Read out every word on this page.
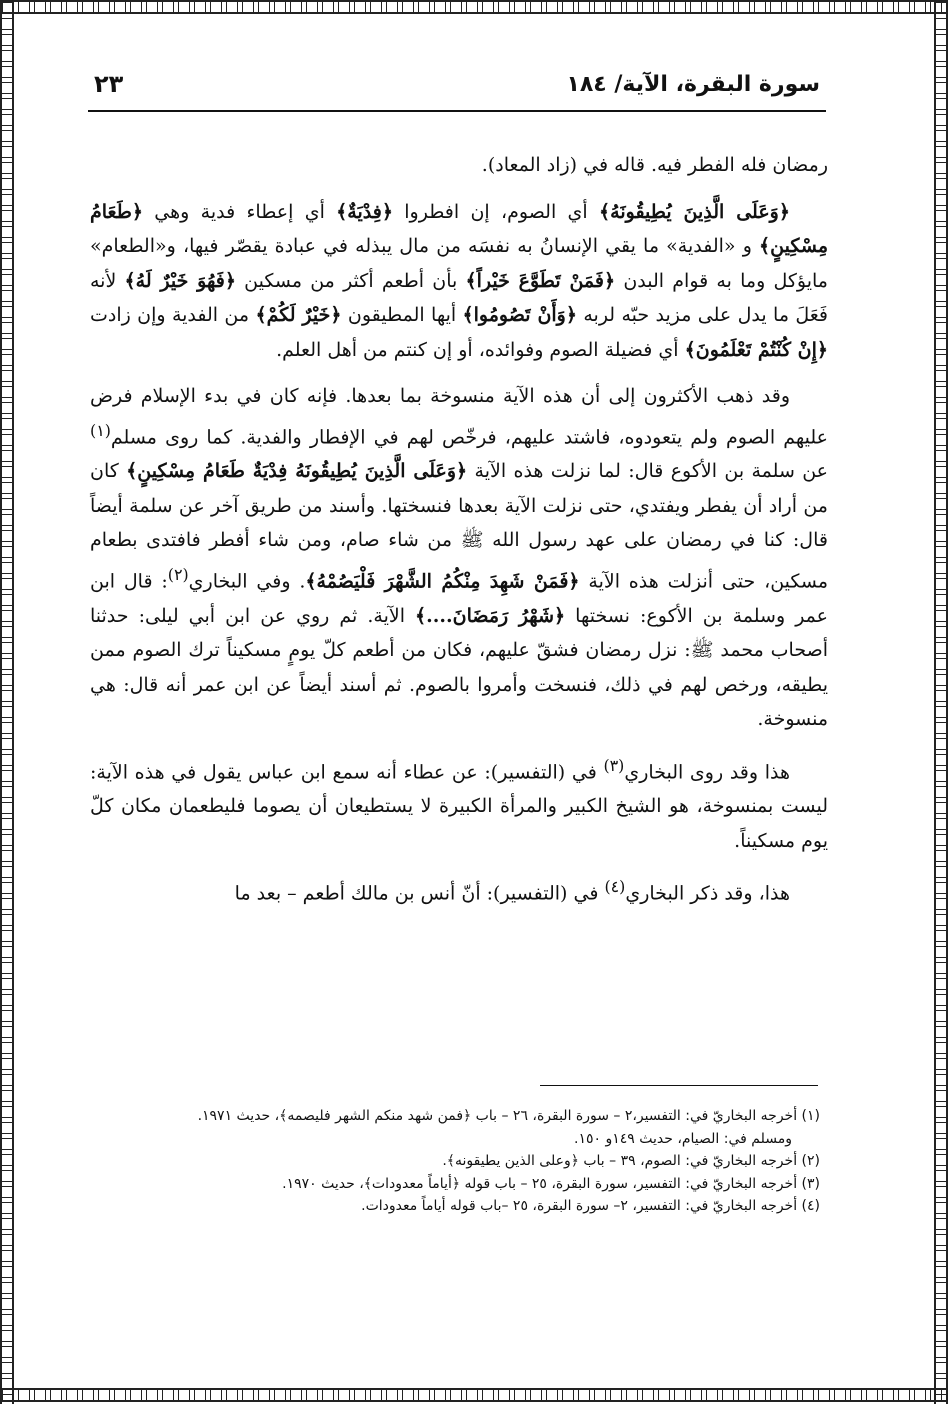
سورة البقرة، الآية/ ١٨٤
٢٣

رمضان فله الفطر فيه. قاله في (زاد المعاد).

﴿وَعَلَى الَّذِينَ يُطِيقُونَهُ﴾ أي الصوم، إن افطروا ﴿فِدْيَةٌ﴾ أي إعطاء فدية وهي ﴿طَعَامُ مِسْكِينٍ﴾ و «الفدية» ما يقي الإنسانُ به نفسَه من مال يبذله في عبادة يقصّر فيها، و«الطعام» مايؤكل وما به قوام البدن ﴿فَمَنْ تَطَوَّعَ خَيْراً﴾ بأن أطعم أكثر من مسكين ﴿فَهُوَ خَيْرٌ لَهُ﴾ لأنه فَعَلَ ما يدل على مزيد حبّه لربه ﴿وَأَنْ تَصُومُوا﴾ أيها المطيقون ﴿خَيْرٌ لَكُمْ﴾ من الفدية وإن زادت ﴿إِنْ كُنْتُمْ تَعْلَمُونَ﴾ أي فضيلة الصوم وفوائده، أو إن كنتم من أهل العلم.

وقد ذهب الأكثرون إلى أن هذه الآية منسوخة بما بعدها. فإنه كان في بدء الإسلام فرض عليهم الصوم ولم يتعودوه، فاشتد عليهم، فرخّص لهم في الإفطار والفدية. كما روى مسلم$^{(١)}$ عن سلمة بن الأكوع قال: لما نزلت هذه الآية ﴿وَعَلَى الَّذِينَ يُطِيقُونَهُ فِدْيَةٌ طَعَامُ مِسْكِينٍ﴾ كان من أراد أن يفطر ويفتدي، حتى نزلت الآية بعدها فنسختها. وأسند من طريق آخر عن سلمة أيضاً قال: كنا في رمضان على عهد رسول الله ﷺ من شاء صام، ومن شاء أفطر فافتدى بطعام مسكين، حتى أنزلت هذه الآية ﴿فَمَنْ شَهِدَ مِنْكُمُ الشَّهْرَ فَلْيَصُمْهُ﴾. وفي البخاري$^{(٢)}$: قال ابن عمر وسلمة بن الأكوع: نسختها ﴿شَهْرُ رَمَضَانَ....﴾ الآية. ثم روي عن ابن أبي ليلى: حدثنا أصحاب محمد ﷺ: نزل رمضان فشقّ عليهم، فكان من أطعم كلّ يومٍ مسكيناً ترك الصوم ممن يطيقه، ورخص لهم في ذلك، فنسخت وأمروا بالصوم. ثم أسند أيضاً عن ابن عمر أنه قال: هي منسوخة.

هذا وقد روى البخاري$^{(٣)}$ في (التفسير): عن عطاء أنه سمع ابن عباس يقول في هذه الآية: ليست بمنسوخة، هو الشيخ الكبير والمرأة الكبيرة لا يستطيعان أن يصوما فليطعمان مكان كلّ يوم مسكيناً.

هذا، وقد ذكر البخاري$^{(٤)}$ في (التفسير): أنّ أنس بن مالك أطعم – بعد ما

(١) أخرجه البخاريّ في: التفسير،٢ – سورة البقرة، ٢٦ – باب ﴿فمن شهد منكم الشهر فليصمه﴾، حديث ١٩٧١.
ومسلم في: الصيام، حديث ١٤٩و ١٥٠.
(٢) أخرجه البخاريّ في: الصوم، ٣٩ – باب ﴿وعلى الذين يطيقونه﴾.
(٣) أخرجه البخاريّ في: التفسير، سورة البقرة، ٢٥ – باب قوله ﴿أياماً معدودات﴾، حديث ١٩٧٠.
(٤) أخرجه البخاريّ في: التفسير، ٢– سورة البقرة، ٢٥ –باب قوله أياماً معدودات.
